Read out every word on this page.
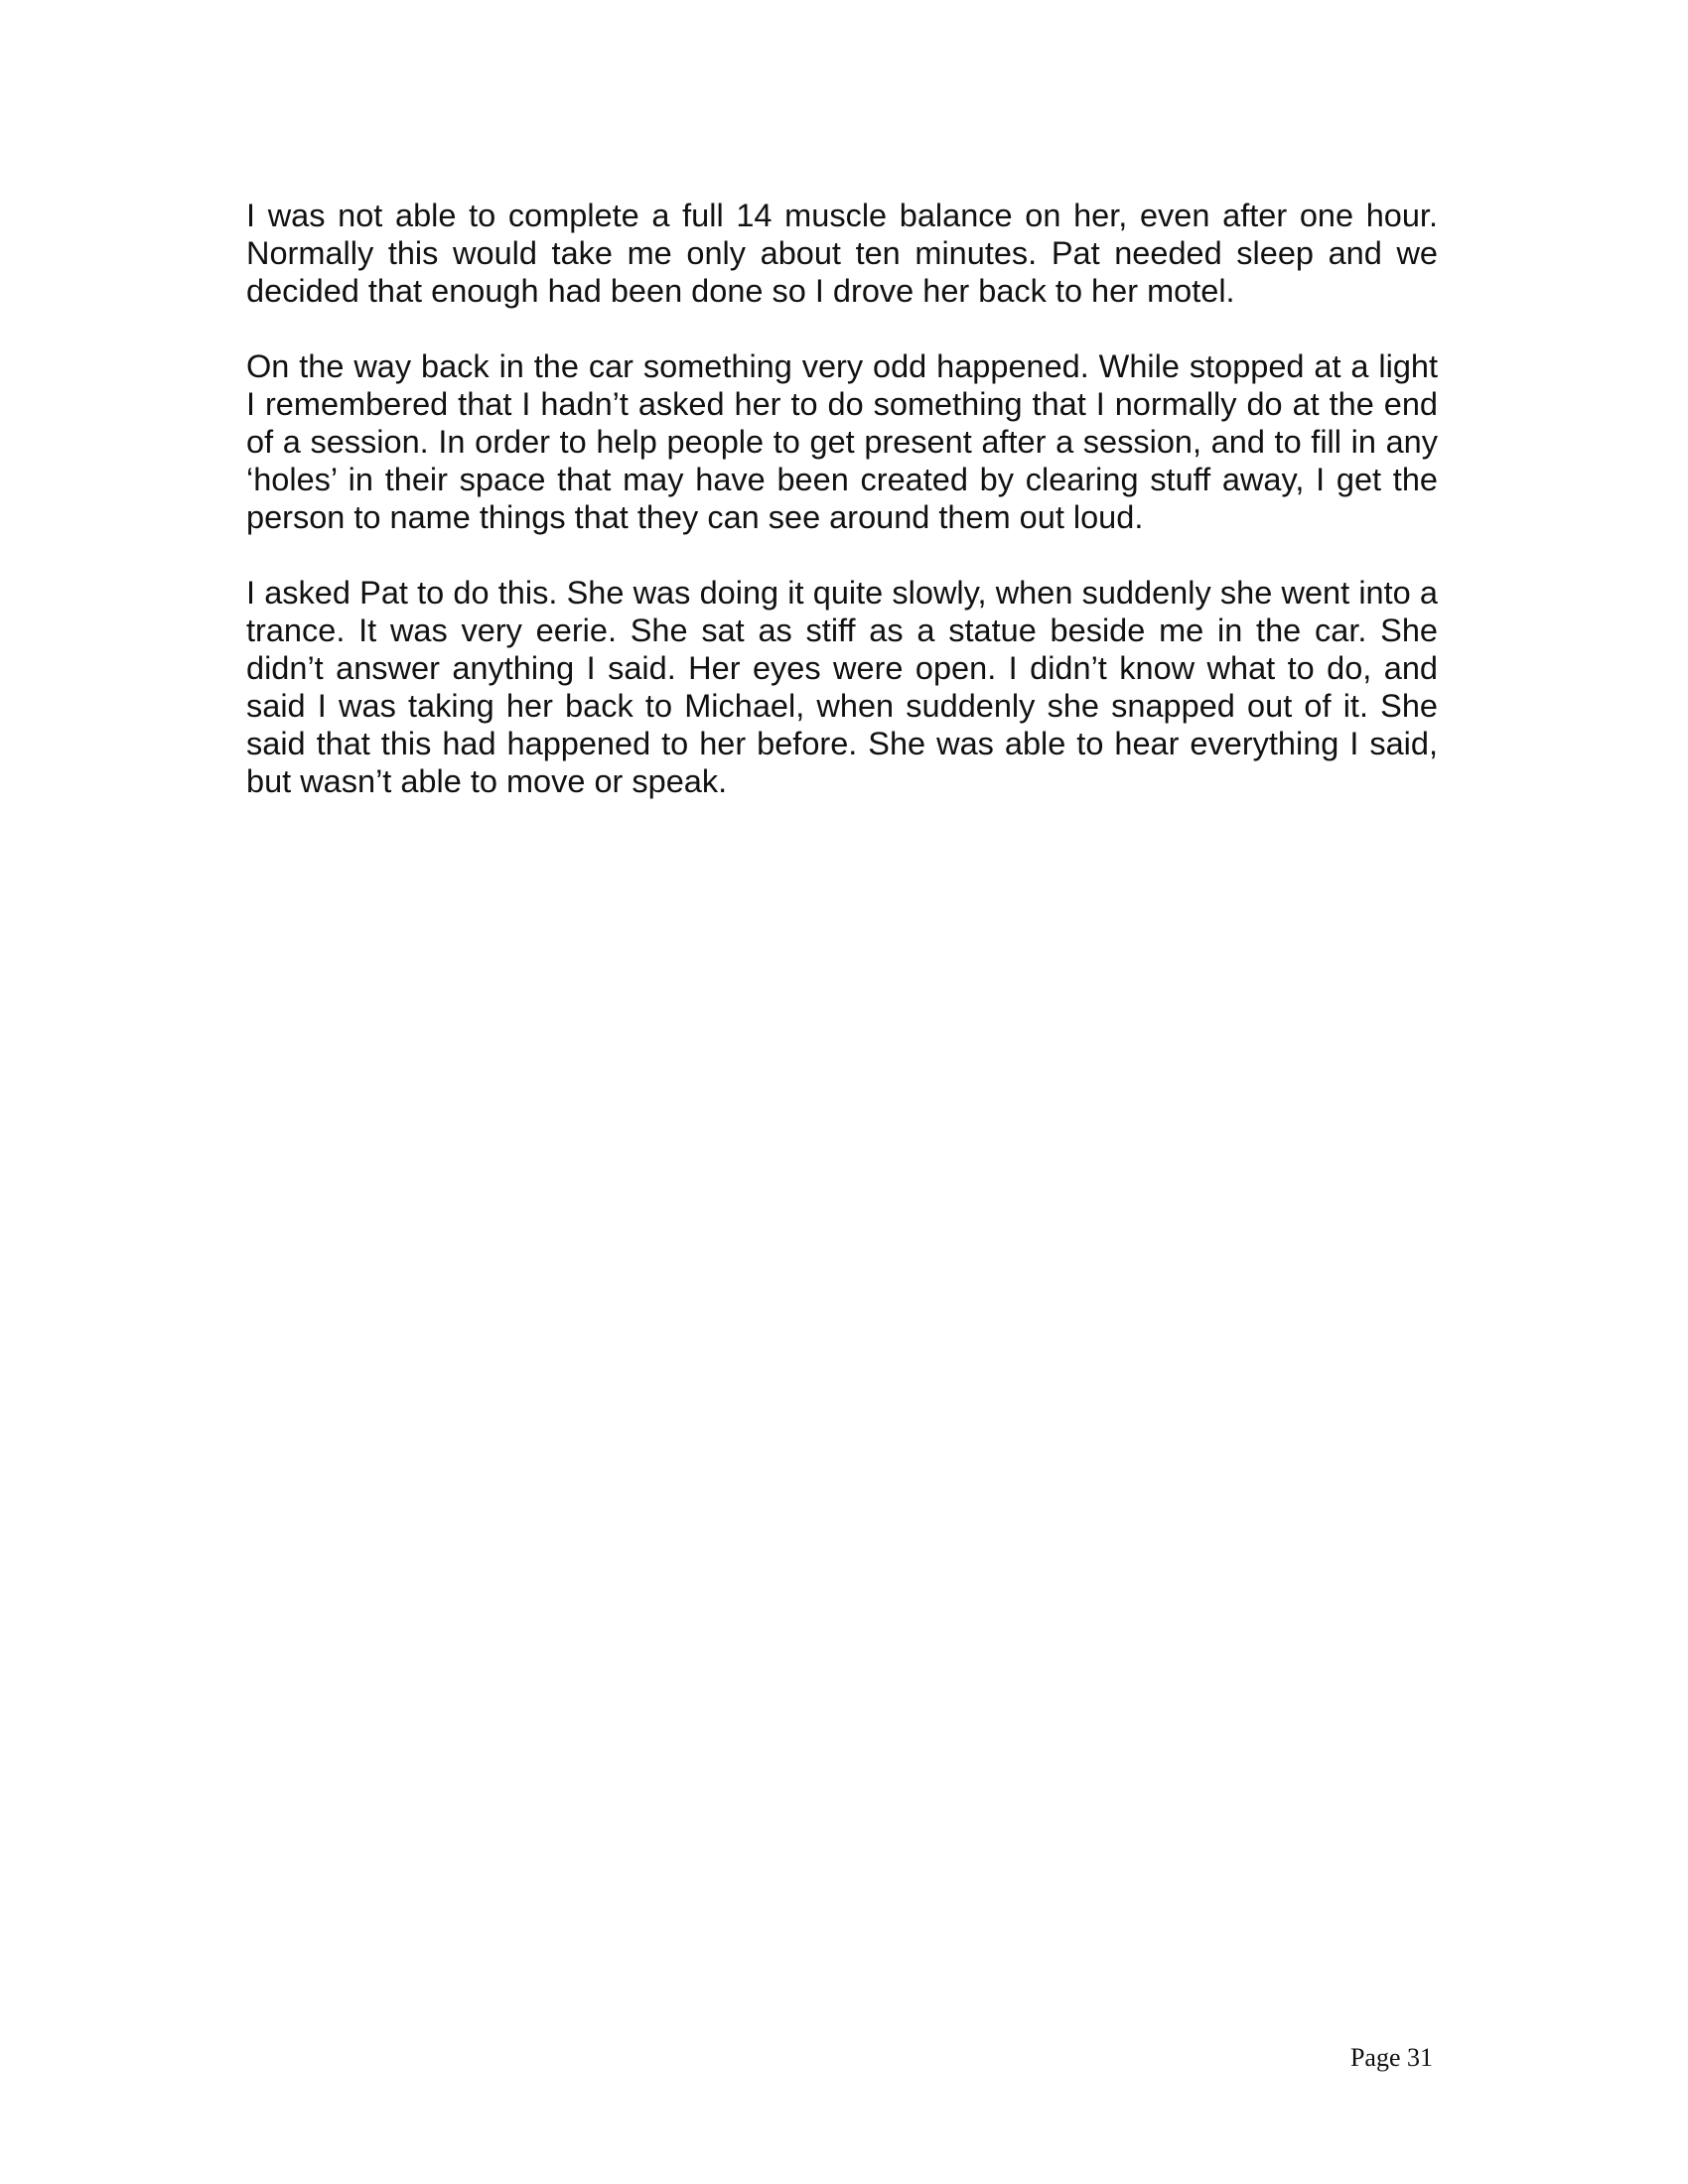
I was not able to complete a full 14 muscle balance on her, even after one hour. Normally this would take me only about ten minutes. Pat needed sleep and we decided that enough had been done so I drove her back to her motel.

On the way back in the car something very odd happened. While stopped at a light I remembered that I hadn’t asked her to do something that I normally do at the end of a session. In order to help people to get present after a session, and to fill in any ‘holes’ in their space that may have been created by clearing stuff away, I get the person to name things that they can see around them out loud.

I asked Pat to do this. She was doing it quite slowly, when suddenly she went into a trance. It was very eerie. She sat as stiff as a statue beside me in the car. She didn’t answer anything I said. Her eyes were open. I didn’t know what to do, and said I was taking her back to Michael, when suddenly she snapped out of it. She said that this had happened to her before. She was able to hear everything I said, but wasn’t able to move or speak.

Page 31
